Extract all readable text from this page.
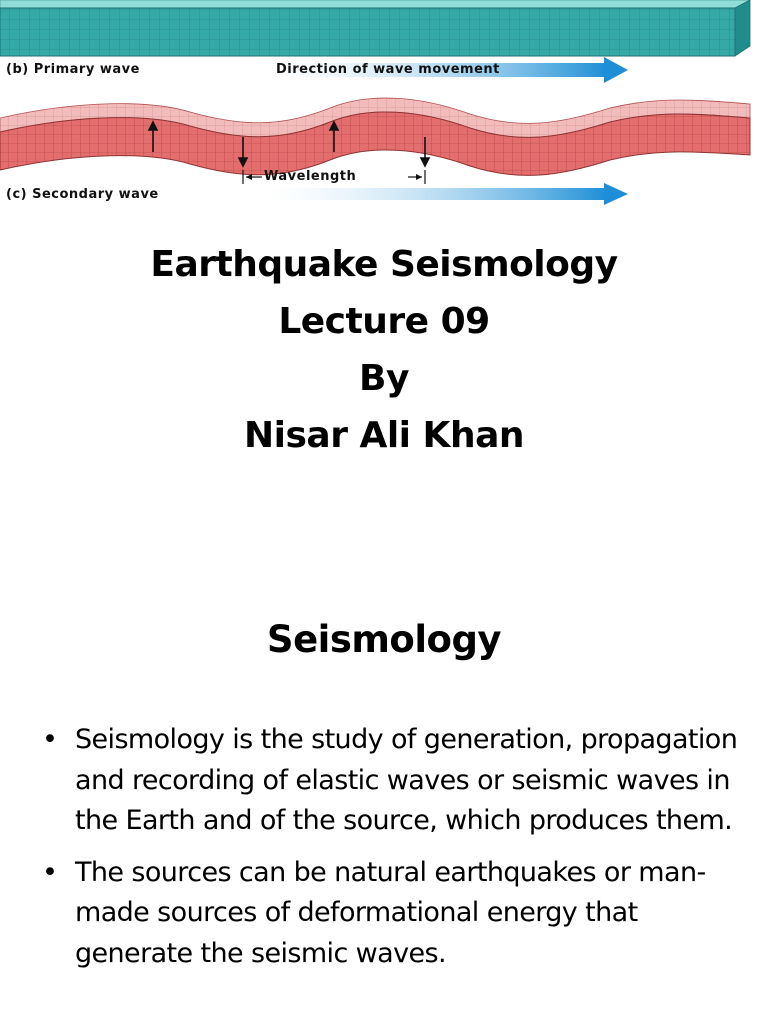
(b) Primary wave	Direction of wave movement
Wavelength
(c) Secondary wave
Earthquake Seismology
Lecture 09
By
Nisar Ali Khan
Seismology
• Seismology is the study of generation, propagation and recording of elastic waves or seismic waves in the Earth and of the source, which produces them.
• The sources can be natural earthquakes or man-made sources of deformational energy that generate the seismic waves.
